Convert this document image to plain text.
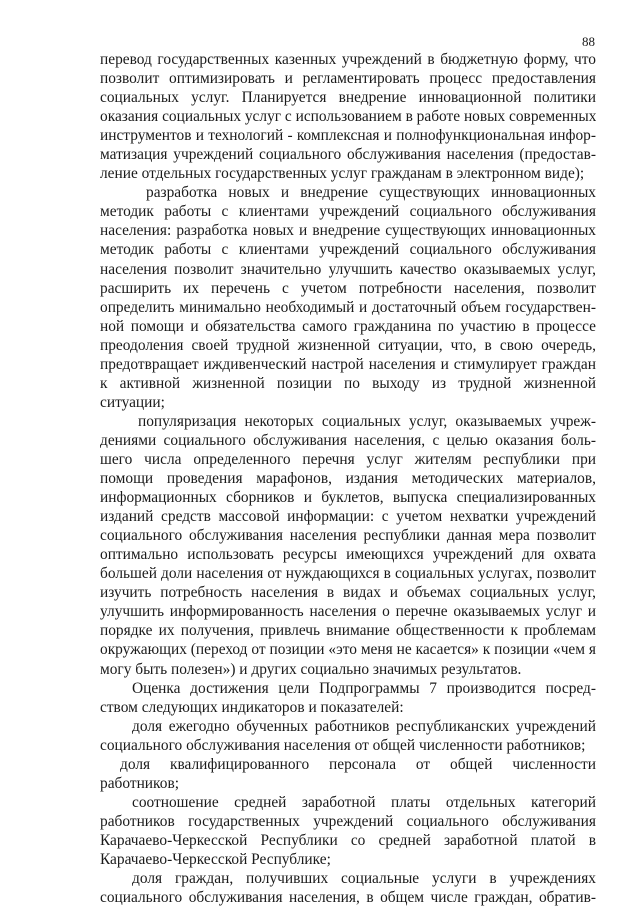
88
перевод государственных казенных учреждений в бюджетную форму, что
позволит оптимизировать и регламентировать процесс предоставления
социальных услуг. Планируется внедрение инновационной политики
оказания социальных услуг с использованием в работе новых современных
инструментов и технологий - комплексная и полнофункциональная инфор-
матизация учреждений социального обслуживания населения (предостав-
ление отдельных государственных услуг гражданам в электронном виде);
разработка новых и внедрение существующих инновационных
методик работы с клиентами учреждений социального обслуживания
населения: разработка новых и внедрение существующих инновационных
методик работы с клиентами учреждений социального обслуживания
населения позволит значительно улучшить качество оказываемых услуг,
расширить их перечень с учетом потребности населения, позволит
определить минимально необходимый и достаточный объем государствен-
ной помощи и обязательства самого гражданина по участию в процессе
преодоления своей трудной жизненной ситуации, что, в свою очередь,
предотвращает иждивенческий настрой населения и стимулирует граждан
к активной жизненной позиции по выходу из трудной жизненной
ситуации;
популяризация некоторых социальных услуг, оказываемых учреж-
дениями социального обслуживания населения, с целью оказания боль-
шего числа определенного перечня услуг жителям республики при
помощи проведения марафонов, издания методических материалов,
информационных сборников и буклетов, выпуска специализированных
изданий средств массовой информации: с учетом нехватки учреждений
социального обслуживания населения республики данная мера позволит
оптимально использовать ресурсы имеющихся учреждений для охвата
большей доли населения от нуждающихся в социальных услугах, позволит
изучить потребность населения в видах и объемах социальных услуг,
улучшить информированность населения о перечне оказываемых услуг и
порядке их получения, привлечь внимание общественности к проблемам
окружающих (переход от позиции «это меня не касается» к позиции «чем я
могу быть полезен») и других социально значимых результатов.
Оценка достижения цели Подпрограммы 7 производится посред-
ством следующих индикаторов и показателей:
доля ежегодно обученных работников республиканских учреждений
социального обслуживания населения от общей численности работников;
доля квалифицированного персонала от общей численности
работников;
соотношение средней заработной платы отдельных категорий
работников государственных учреждений социального обслуживания
Карачаево-Черкесской Республики со средней заработной платой в
Карачаево-Черкесской Республике;
доля граждан, получивших социальные услуги в учреждениях
социального обслуживания населения, в общем числе граждан, обратив-
